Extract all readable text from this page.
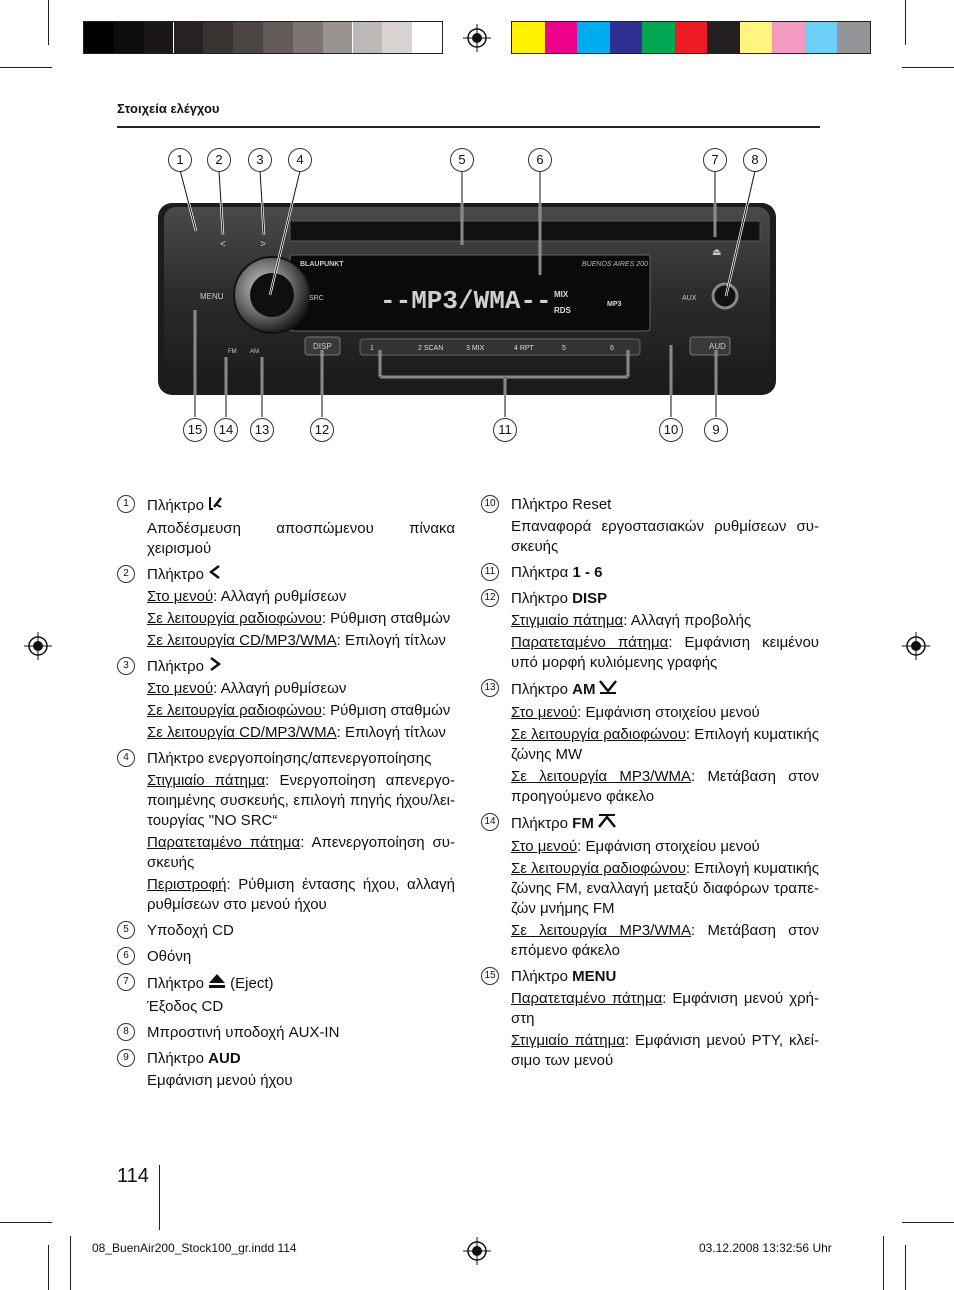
Στοιχεία ελέγχου
BLAUPUNKT	BUENOS AIRES 200
--MP3/WMA-- MIX
RDS
MP3
MENU	SRC	AUX
AUD
DISP
FM AM
<	>
⏏
1	2 SCAN	3 MIX	4 RPT	5	6
1	2	3	4	5	6	7	8
15	14	13	12	11	10	9
1	Πλήκτρο
Αποδέσμευση αποσπώμενου πίνακα χειρισμού
2	Πλήκτρο
Στο μενού: Αλλαγή ρυθμίσεων
Σε λειτουργία ραδιοφώνου: Ρύθμιση σταθμών
Σε λειτουργία CD/MP3/WMA: Επιλογή τίτλων
3	Πλήκτρο
Στο μενού: Αλλαγή ρυθμίσεων
Σε λειτουργία ραδιοφώνου: Ρύθμιση σταθμών
Σε λειτουργία CD/MP3/WMA: Επιλογή τίτλων
4	Πλήκτρο ενεργοποίησης/απενεργοποίησης
Στιγμιαίο πάτημα: Ενεργοποίηση απενεργο-ποιημένης συσκευής, επιλογή πηγής ήχου/λει-τουργίας "NO SRC“
Παρατεταμένο πάτημα: Απενεργοποίηση συ-σκευής
Περιστροφή: Ρύθμιση έντασης ήχου, αλλαγή ρυθμίσεων στο μενού ήχου
5	Υποδοχή CD
6	Οθόνη
7	Πλήκτρο (Eject)
Έξοδος CD
8	Μπροστινή υποδοχή AUX-IN
9	Πλήκτρο AUD
Εμφάνιση μενού ήχου
10 Πλήκτρο Reset
Επαναφορά εργοστασιακών ρυθμίσεων συ-σκευής
11 Πλήκτρα 1 - 6
12 Πλήκτρο DISP
Στιγμιαίο πάτημα: Αλλαγή προβολής
Παρατεταμένο πάτημα: Εμφάνιση κειμένου υπό μορφή κυλιόμενης γραφής
13 Πλήκτρο AM
Στο μενού: Εμφάνιση στοιχείου μενού
Σε λειτουργία ραδιοφώνου: Επιλογή κυματικής ζώνης MW
Σε λειτουργία MP3/WMA: Μετάβαση στον προηγούμενο φάκελο
14 Πλήκτρο FM
Στο μενού: Εμφάνιση στοιχείου μενού
Σε λειτουργία ραδιοφώνου: Επιλογή κυματικής ζώνης FM, εναλλαγή μεταξύ διαφόρων τραπε-ζών μνήμης FM
Σε λειτουργία MP3/WMA: Μετάβαση στον επόμενο φάκελο
15 Πλήκτρο MENU
Παρατεταμένο πάτημα: Εμφάνιση μενού χρή-στη
Στιγμιαίο πάτημα: Εμφάνιση μενού PTY, κλεί-σιμο των μενού
114
08_BuenAir200_Stock100_gr.indd 114	03.12.2008 13:32:56 Uhr
